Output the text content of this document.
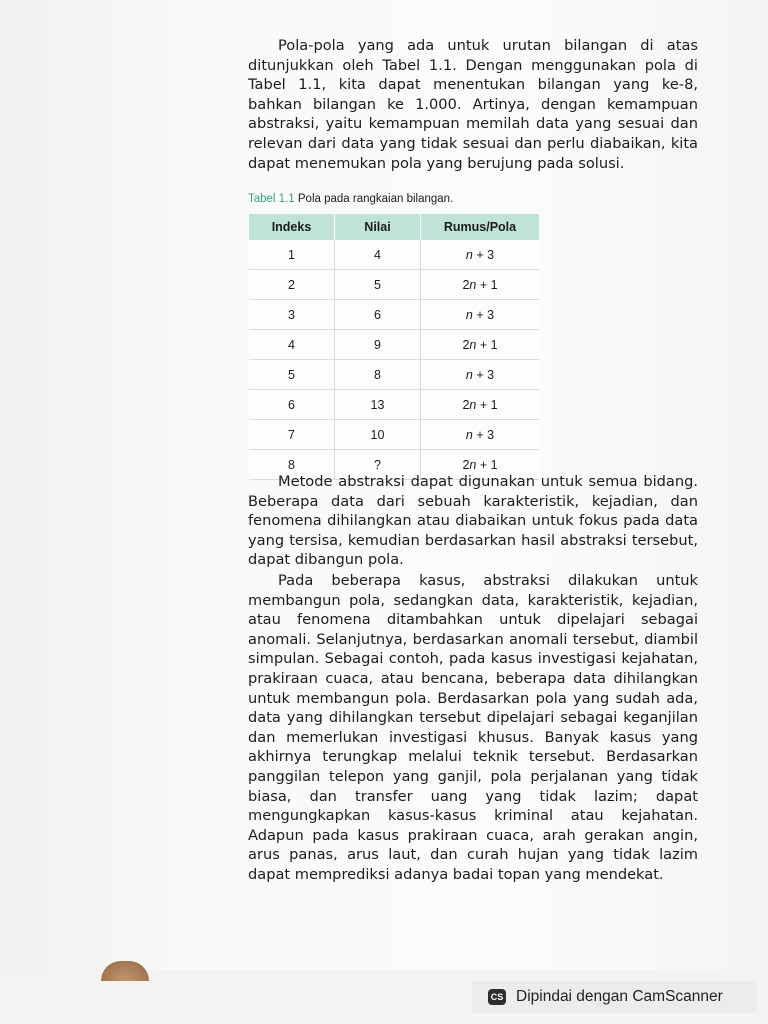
Pola-pola yang ada untuk urutan bilangan di atas ditunjukkan oleh Tabel 1.1. Dengan menggunakan pola di Tabel 1.1, kita dapat menentukan bilangan yang ke-8, bahkan bilangan ke 1.000. Artinya, dengan kemampuan abstraksi, yaitu kemampuan memilah data yang sesuai dan relevan dari data yang tidak sesuai dan perlu diabaikan, kita dapat menemukan pola yang berujung pada solusi.

Tabel 1.1 Pola pada rangkaian bilangan.
Indeks	Nilai	Rumus/Pola
1	4	n + 3
2	5	2n + 1
3	6	n + 3
4	9	2n + 1
5	8	n + 3
6	13	2n + 1
7	10	n + 3
8	?	2n + 1

Metode abstraksi dapat digunakan untuk semua bidang. Beberapa data dari sebuah karakteristik, kejadian, dan fenomena dihilangkan atau diabaikan untuk fokus pada data yang tersisa, kemudian berdasarkan hasil abstraksi tersebut, dapat dibangun pola.

Pada beberapa kasus, abstraksi dilakukan untuk membangun pola, sedangkan data, karakteristik, kejadian, atau fenomena ditambahkan untuk dipelajari sebagai anomali. Selanjutnya, berdasarkan anomali tersebut, diambil simpulan. Sebagai contoh, pada kasus investigasi kejahatan, prakiraan cuaca, atau bencana, beberapa data dihilangkan untuk membangun pola. Berdasarkan pola yang sudah ada, data yang dihilangkan tersebut dipelajari sebagai keganjilan dan memerlukan investigasi khusus. Banyak kasus yang akhirnya terungkap melalui teknik tersebut. Berdasarkan panggilan telepon yang ganjil, pola perjalanan yang tidak biasa, dan transfer uang yang tidak lazim; dapat mengungkapkan kasus-kasus kriminal atau kejahatan. Adapun pada kasus prakiraan cuaca, arah gerakan angin, arus panas, arus laut, dan curah hujan yang tidak lazim dapat memprediksi adanya badai topan yang mendekat.

CS Dipindai dengan CamScanner
